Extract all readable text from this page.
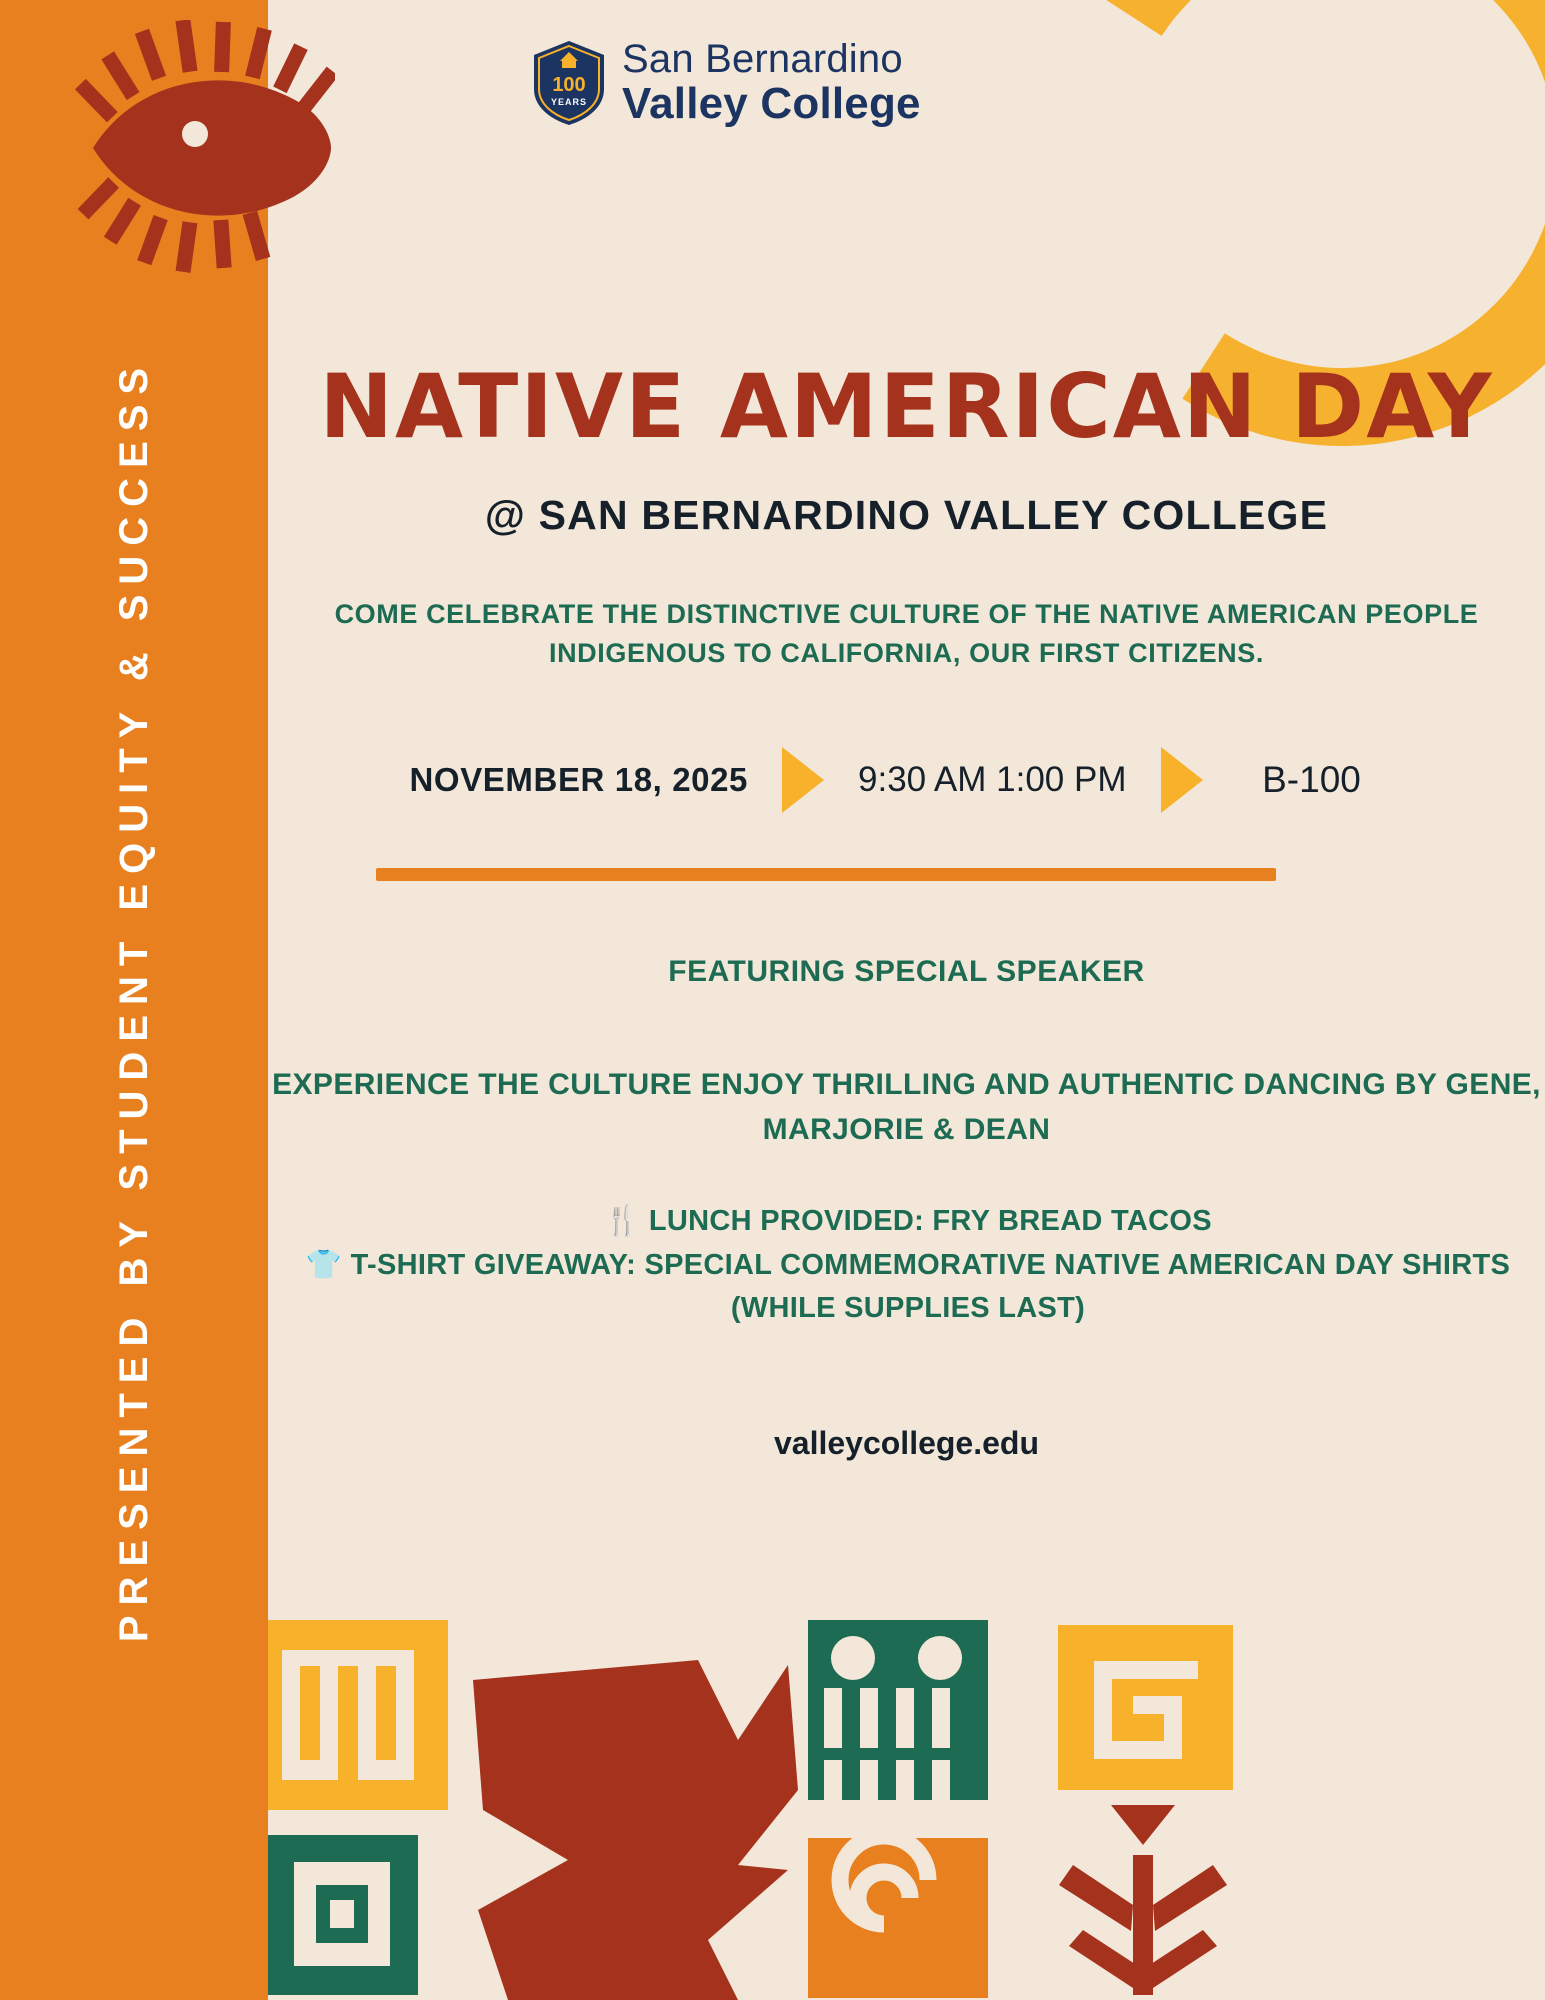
PRESENTED BY STUDENT EQUITY & SUCCESS
100
YEARS
San Bernardino
Valley College
NATIVE AMERICAN DAY
@ SAN BERNARDINO VALLEY COLLEGE
COME CELEBRATE THE DISTINCTIVE CULTURE OF THE NATIVE AMERICAN PEOPLE INDIGENOUS TO CALIFORNIA, OUR FIRST CITIZENS.
NOVEMBER 18, 2025	9:30 AM 1:00 PM	B-100
FEATURING SPECIAL SPEAKER
EXPERIENCE THE CULTURE ENJOY THRILLING AND AUTHENTIC DANCING BY GENE, MARJORIE & DEAN
🍴 LUNCH PROVIDED: FRY BREAD TACOS
👕 T-SHIRT GIVEAWAY: SPECIAL COMMEMORATIVE NATIVE AMERICAN DAY SHIRTS (WHILE SUPPLIES LAST)
valleycollege.edu
